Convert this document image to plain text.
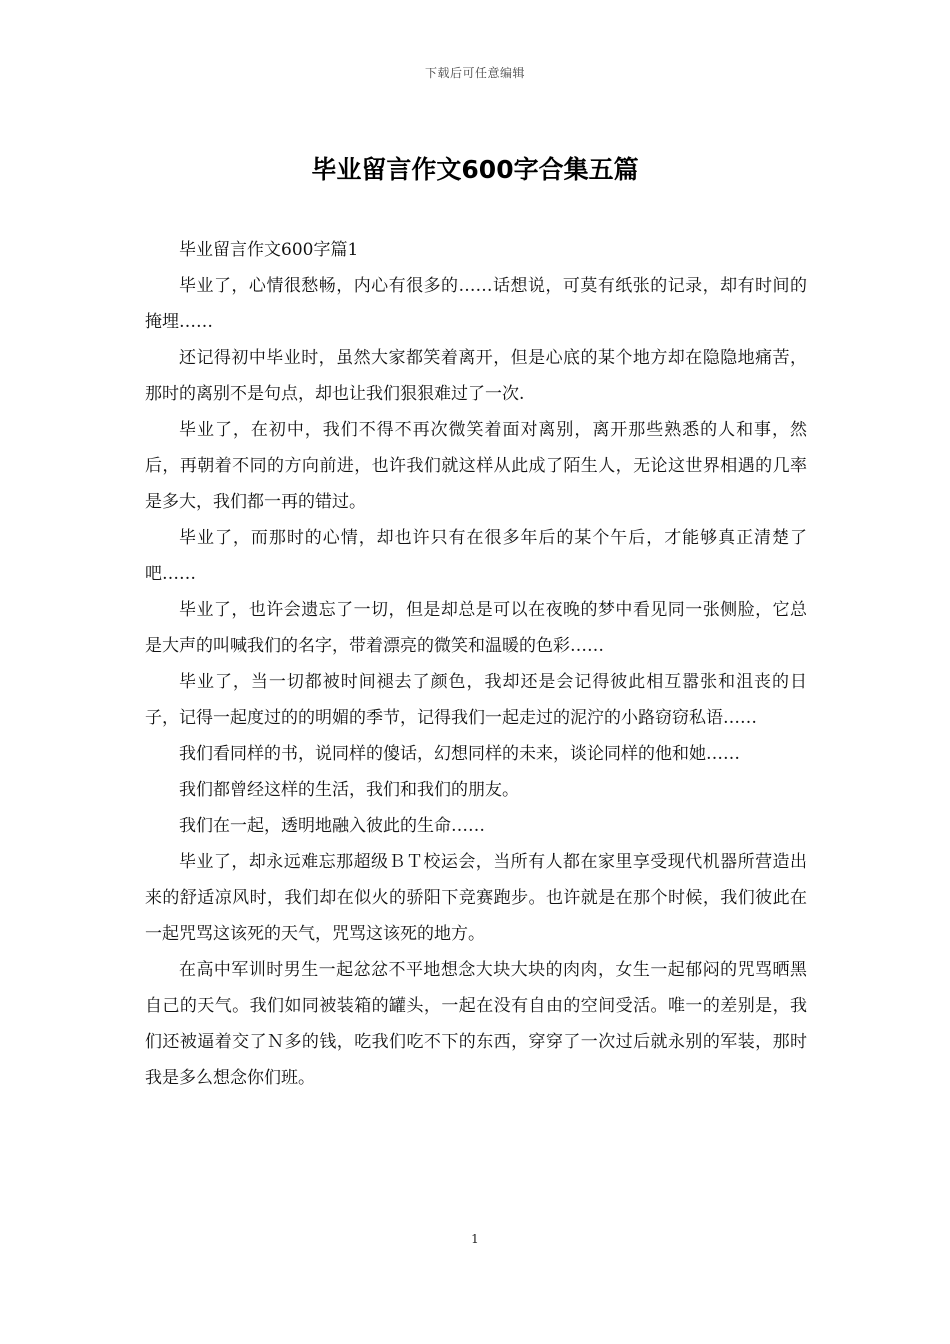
下载后可任意编辑
毕业留言作文600字合集五篇

毕业留言作文600字篇1

毕业了，心情很愁畅，内心有很多的……话想说，可莫有纸张的记录，却有时间的掩埋……

还记得初中毕业时，虽然大家都笑着离开，但是心底的某个地方却在隐隐地痛苦，那时的离别不是句点，却也让我们狠狠难过了一次.

毕业了，在初中，我们不得不再次微笑着面对离别，离开那些熟悉的人和事，然后，再朝着不同的方向前进，也许我们就这样从此成了陌生人，无论这世界相遇的几率是多大，我们都一再的错过。

毕业了，而那时的心情，却也许只有在很多年后的某个午后，才能够真正清楚了吧……

毕业了，也许会遗忘了一切，但是却总是可以在夜晚的梦中看见同一张侧脸，它总是大声的叫喊我们的名字，带着漂亮的微笑和温暖的色彩……

毕业了，当一切都被时间褪去了颜色，我却还是会记得彼此相互嚣张和沮丧的日子，记得一起度过的的明媚的季节，记得我们一起走过的泥泞的小路窃窃私语……

我们看同样的书，说同样的傻话，幻想同样的未来，谈论同样的他和她……

我们都曾经这样的生活，我们和我们的朋友。

我们在一起，透明地融入彼此的生命……

毕业了，却永远难忘那超级ＢＴ校运会，当所有人都在家里享受现代机器所营造出来的舒适凉风时，我们却在似火的骄阳下竞赛跑步。也许就是在那个时候，我们彼此在一起咒骂这该死的天气，咒骂这该死的地方。

在高中军训时男生一起忿忿不平地想念大块大块的肉肉，女生一起郁闷的咒骂晒黑自己的天气。我们如同被装箱的罐头，一起在没有自由的空间受活。唯一的差别是，我们还被逼着交了Ｎ多的钱，吃我们吃不下的东西，穿穿了一次过后就永别的军装，那时我是多么想念你们班。

1
